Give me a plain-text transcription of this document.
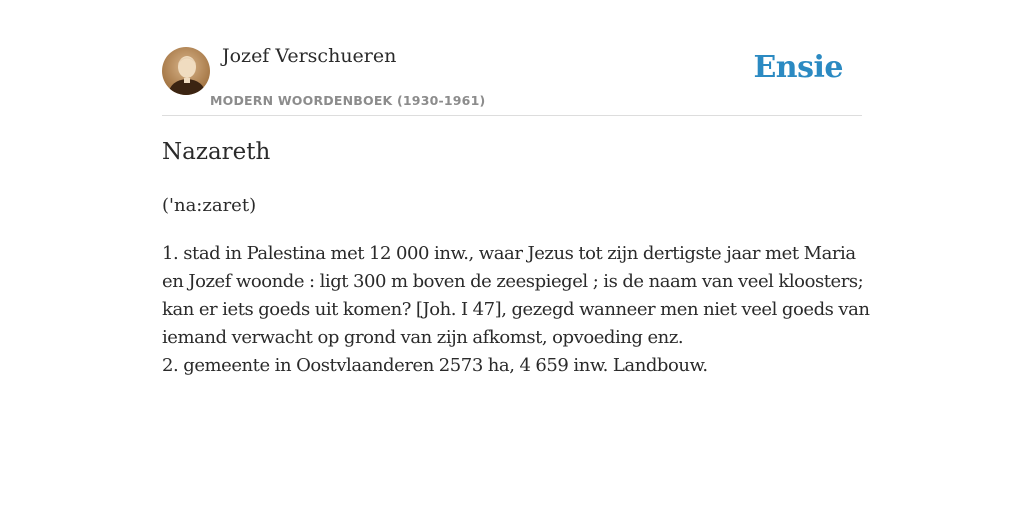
Jozef Verschueren
MODERN WOORDENBOEK (1930-1961)
Ensie
Nazareth

('na:zaret)

1. stad in Palestina met 12 000 inw., waar Jezus tot zijn dertigste jaar met Maria
en Jozef woonde : ligt 300 m boven de zeespiegel ; is de naam van veel kloosters;
kan er iets goeds uit komen? [Joh. I 47], gezegd wanneer men niet veel goeds van
iemand verwacht op grond van zijn afkomst, opvoeding enz.
2. gemeente in Oostvlaanderen 2573 ha, 4 659 inw. Landbouw.
